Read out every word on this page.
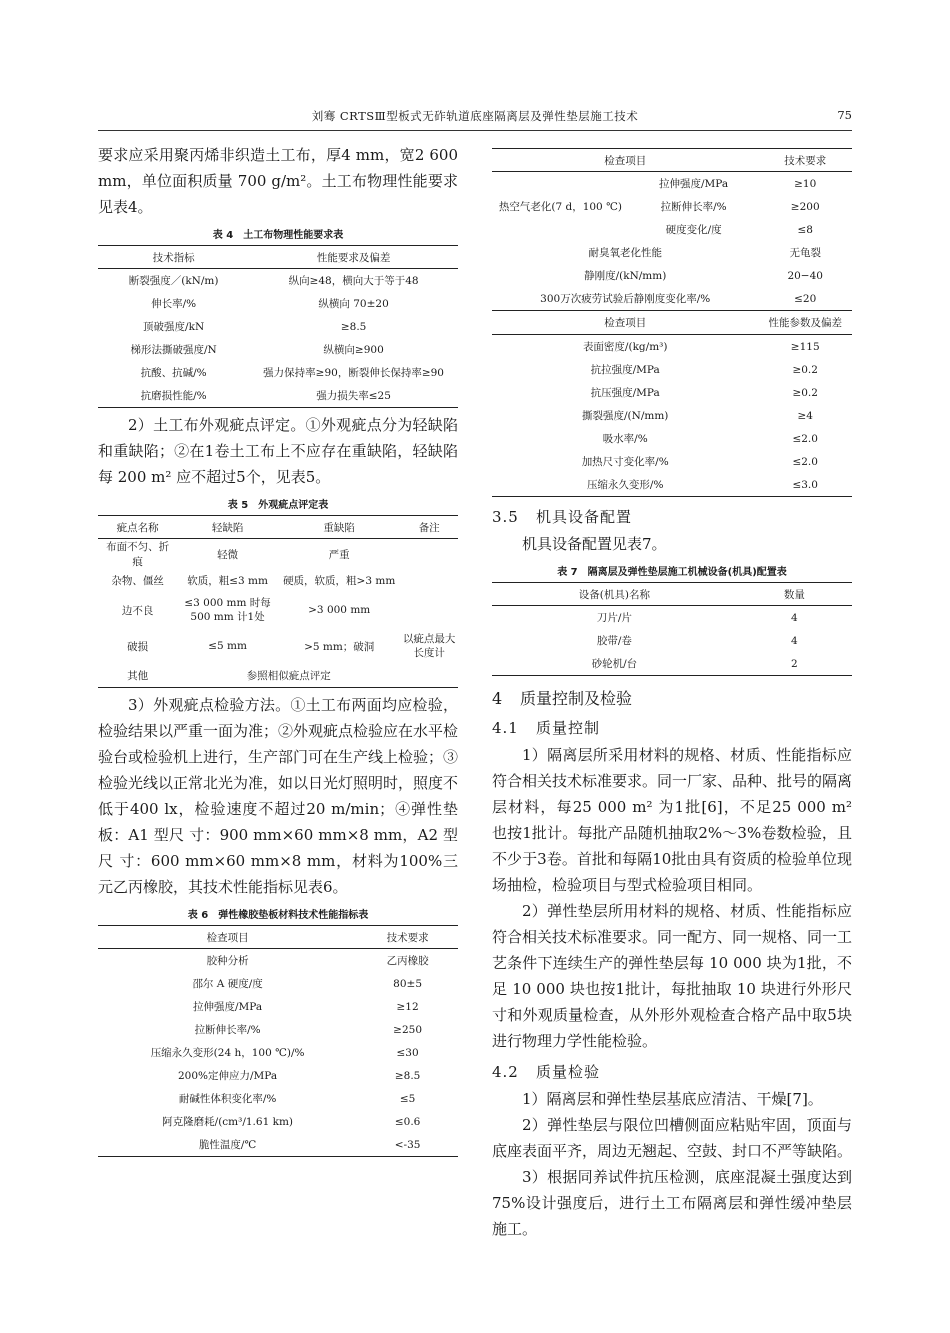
刘骞 CRTSⅢ型板式无砟轨道底座隔离层及弹性垫层施工技术	75

要求应采用聚丙烯非织造土工布，厚4 mm，宽2 600 mm，单位面积质量 700 g/m²。土工布物理性能要求见表4。

表 4　土工布物理性能要求表
技术指标	性能要求及偏差
断裂强度／(kN/m)	纵向≥48，横向大于等于48
伸长率/%	纵横向 70±20
顶破强度/kN	≥8.5
梯形法撕破强度/N	纵横向≥900
抗酸、抗碱/%	强力保持率≥90，断裂伸长保持率≥90
抗磨损性能/%	强力损失率≤25

2）土工布外观疵点评定。①外观疵点分为轻缺陷和重缺陷；②在1卷土工布上不应存在重缺陷，轻缺陷每 200 m² 应不超过5个，见表5。

表 5　外观疵点评定表
疵点名称	轻缺陷	重缺陷	备注
布面不匀、折痕	轻微	严重	
杂物、僵丝	软质，粗≤3 mm	硬质，软质，粗>3 mm	
边不良	≤3 000 mm 时每 500 mm 计1处	>3 000 mm	
破损	≤5 mm	>5 mm；破洞	以疵点最大长度计
其他	参照相似疵点评定		

3）外观疵点检验方法。①土工布两面均应检验，检验结果以严重一面为准；②外观疵点检验应在水平检验台或检验机上进行，生产部门可在生产线上检验；③检验光线以正常北光为准，如以日光灯照明时，照度不低于400 lx，检验速度不超过20 m/min；④弹性垫板：A1 型尺 寸：900 mm×60 mm×8 mm，A2 型 尺 寸：600 mm×60 mm×8 mm，材料为100%三元乙丙橡胶，其技术性能指标见表6。

表 6　弹性橡胶垫板材料技术性能指标表
检查项目	技术要求
胶种分析	乙丙橡胶
邵尔 A 硬度/度	80±5
拉伸强度/MPa	≥12
拉断伸长率/%	≥250
压缩永久变形(24 h，100 ℃)/%	≤30
200%定伸应力/MPa	≥8.5
耐碱性体积变化率/%	≤5
阿克隆磨耗/(cm³/1.61 km)	≤0.6
脆性温度/℃	<-35
检查项目		技术要求
热空气老化(7 d，100 ℃)	拉伸强度/MPa	≥10
	拉断伸长率/%	≥200
	硬度变化/度	≤8
耐臭氧老化性能		无龟裂
静刚度/(kN/mm)		20−40
300万次疲劳试验后静刚度变化率/%		≤20
检查项目		性能参数及偏差
表面密度/(kg/m³)		≥115
抗拉强度/MPa		≥0.2
抗压强度/MPa		≥0.2
撕裂强度/(N/mm)		≥4
吸水率/%		≤2.0
加热尺寸变化率/%		≤2.0
压缩永久变形/%		≤3.0
3.5 机具设备配置

机具设备配置见表7。

表 7　隔离层及弹性垫层施工机械设备(机具)配置表
设备(机具)名称	数量
刀片/片	4
胶带/卷	4
砂轮机/台	2
4 质量控制及检验
4.1 质量控制

1）隔离层所采用材料的规格、材质、性能指标应符合相关技术标准要求。同一厂家、品种、批号的隔离层材料，每25 000 m² 为1批[6]，不足25 000 m² 也按1批计。每批产品随机抽取2%～3%卷数检验，且不少于3卷。首批和每隔10批由具有资质的检验单位现场抽检，检验项目与型式检验项目相同。

2）弹性垫层所用材料的规格、材质、性能指标应符合相关技术标准要求。同一配方、同一规格、同一工艺条件下连续生产的弹性垫层每 10 000 块为1批，不足 10 000 块也按1批计，每批抽取 10 块进行外形尺寸和外观质量检查，从外形外观检查合格产品中取5块进行物理力学性能检验。

4.2 质量检验

1）隔离层和弹性垫层基底应清洁、干燥[7]。

2）弹性垫层与限位凹槽侧面应粘贴牢固，顶面与底座表面平齐，周边无翘起、空鼓、封口不严等缺陷。

3）根据同养试件抗压检测，底座混凝土强度达到75%设计强度后，进行土工布隔离层和弹性缓冲垫层施工。
